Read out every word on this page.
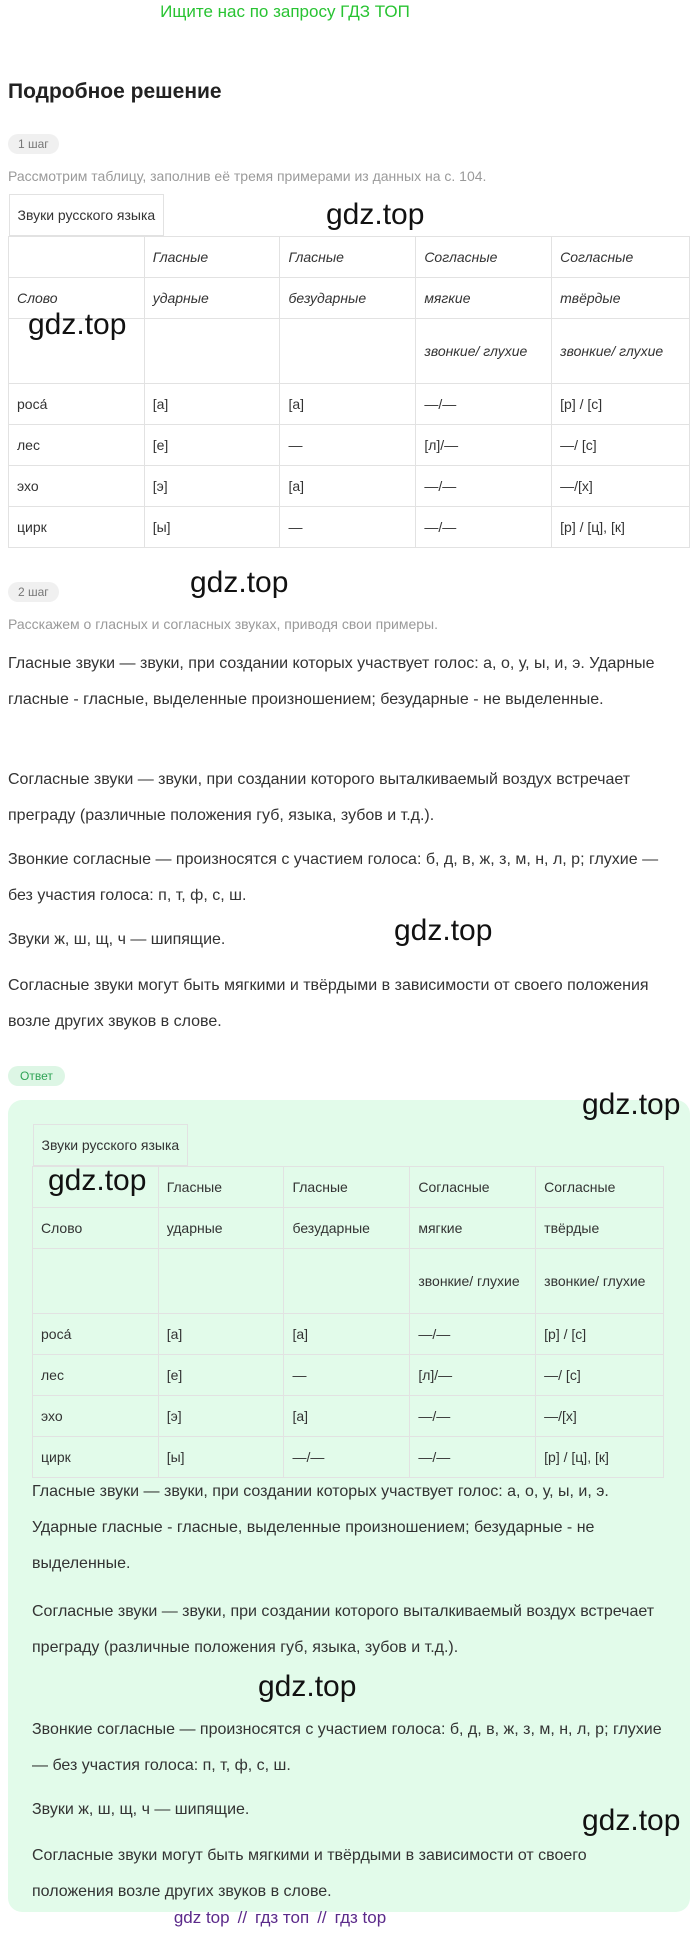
Ищите нас по запросу ГДЗ ТОП
Подробное решение
1 шаг
Рассмотрим таблицу, заполнив её тремя примерами из данных на с. 104.
Звуки русского языка				
	Гласные	Гласные	Согласные	Согласные
Слово	ударные	безударные	мягкие	твёрдые
			звонкие/ глухие	звонкие/ глухие
роса́	[а]	[а]	—/—	[р] / [с]
лес	[е]	—	[л]/—	—/ [с]
эхо	[э]	[а]	—/—	—/[х]
цирк	[ы]	—	—/—	[р] / [ц], [к]
2 шаг
Расскажем о гласных и согласных звуках, приводя свои примеры.

Гласные звуки — звуки, при создании которых участвует голос: а, о, у, ы, и, э. Ударные гласные - гласные, выделенные произношением; безударные - не выделенные.

Согласные звуки — звуки, при создании которого выталкиваемый воздух встречает преграду (различные положения губ, языка, зубов и т.д.).

Звонкие согласные — произносятся с участием голоса: б, д, в, ж, з, м, н, л, р; глухие — без участия голоса: п, т, ф, с, ш.

Звуки ж, ш, щ, ч — шипящие.

Согласные звуки могут быть мягкими и твёрдыми в зависимости от своего положения возле других звуков в слове.

Ответ
Звуки русского языка				
	Гласные	Гласные	Согласные	Согласные
Слово	ударные	безударные	мягкие	твёрдые
			звонкие/ глухие	звонкие/ глухие
роса́	[а]	[а]	—/—	[р] / [с]
лес	[е]	—	[л]/—	—/ [с]
эхо	[э]	[а]	—/—	—/[х]
цирк	[ы]	—/—	—/—	[р] / [ц], [к]

Гласные звуки — звуки, при создании которых участвует голос: а, о, у, ы, и, э. Ударные гласные - гласные, выделенные произношением; безударные - не выделенные.

Согласные звуки — звуки, при создании которого выталкиваемый воздух встречает преграду (различные положения губ, языка, зубов и т.д.).

Звонкие согласные — произносятся с участием голоса: б, д, в, ж, з, м, н, л, р; глухие — без участия голоса: п, т, ф, с, ш.

Звуки ж, ш, щ, ч — шипящие.

Согласные звуки могут быть мягкими и твёрдыми в зависимости от своего положения возле других звуков в слове.

gdz.top
gdz.top
gdz.top
gdz.top
gdz.top
gdz.top
gdz.top
gdz.top
gdz top // гдз топ // гдз top
